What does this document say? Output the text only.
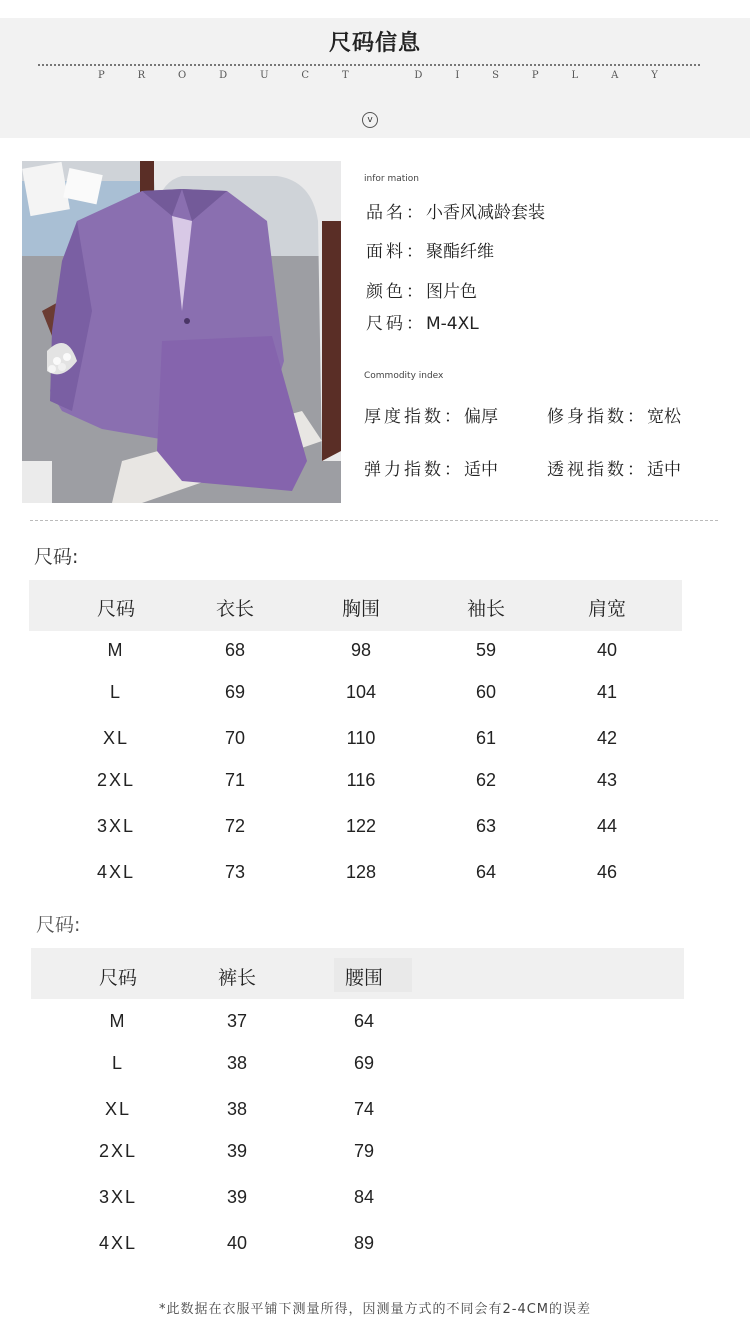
尺码信息
P	R	O	D	U	C	T	D	I	S	P	L	A	Y
v
infor mation
品名：小香风减龄套装
面料：聚酯纤维
颜色：图片色
尺码：M-4XL
Commodity index
厚度指数：偏厚	修身指数：宽松
弹力指数：适中	透视指数：适中
尺码:
尺码	衣长	胸围	袖长	肩宽
M	68	98	59	40
L	69	104	60	41
XL	70	110	61	42
2XL	71	116	62	43
3XL	72	122	63	44
4XL	73	128	64	46
尺码:
尺码	裤长	腰围
M	37	64
L	38	69
XL	38	74
2XL	39	79
3XL	39	84
4XL	40	89
*此数据在衣服平铺下测量所得，因测量方式的不同会有2-4CM的误差
